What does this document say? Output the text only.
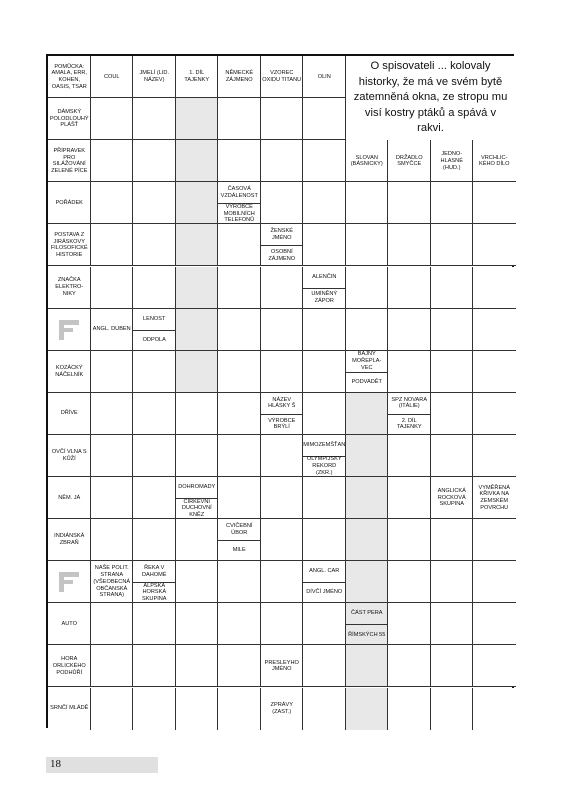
O spisovateli ... kolovaly historky, že má ve svém bytě zatemněná okna, ze stropu mu visí kostry ptáků a spává v rakvi.
POMŮCKA: AMALA, ERR, KOHEN, OASIS, TSAR
COUL
JMELÍ (LID. NÁZEV)
1. DÍL TAJENKY
NĚMECKÉ ZÁJMENO
VZOREC OXIDU TITANU
OLIN
DÁMSKÝ POLODLOUHÝ PLÁŠŤ
PŘÍPRAVEK PRO SILÁŽOVÁNÍ ZELENÉ PÍCE
SLOVAN (BÁSNICKY)
DRŽADLO SMYČCE
JEDNO-HLASNÉ (HUD.)
VRCHLIC-KÉHO DÍLO
POŘÁDEK
ČASOVÁ VZDÁLENOST
VÝROBCE MOBILNÍCH TELEFONŮ
POSTAVA Z JIRÁSKOVY FILOSOFICKÉ HISTORIE
ŽENSKÉ JMÉNO
OSOBNÍ ZÁJMENO
ZNAČKA ELEKTRO-NIKY
ALENČIN
UMÍNĚNÝ ZÁPOR
ANGL. DUBEN
LENOST
ODPOLA
KOZÁCKÝ NÁČELNÍK
BÁJNÝ MOŘEPLA-VEC
PODVADĚT
DŘÍVE
NÁZEV HLÁSKY Š
VÝROBCE BRÝLÍ
SPZ NOVARA (ITÁLIE)
2. DÍL TAJENKY
OVČÍ VLNA S KŮŽÍ
MIMOZEMŠŤAN
OLYMPIJSKÝ REKORD (ZKR.)
NĚM. JÁ
DOHROMADY
CÍRKEVNÍ DUCHOVNÍ KNĚZ
ANGLICKÁ ROCKOVÁ SKUPINA
VYMĚŘENÁ KŘIVKA NA ZEMSKÉM POVRCHU
INDIÁNSKÁ ZBRAŇ
CVIČEBNÍ ÚBOR
MILE
NAŠE POLIT. STRANA (VŠEOBECNÁ OBČANSKÁ STRANA)
ŘEKA V DAHOMÉ
ALPSKÁ HORSKÁ SKUPINA
ANGL. CAR
DÍVČÍ JMÉNO
AUTO
ČÁST PERA
ŘÍMSKÝCH 55
HORA ORLICKÉHO PODHŮŘÍ
PRESLEYHO JMÉNO
SRNČÍ MLÁDĚ
ZPRÁVY (ZAST.)
18
